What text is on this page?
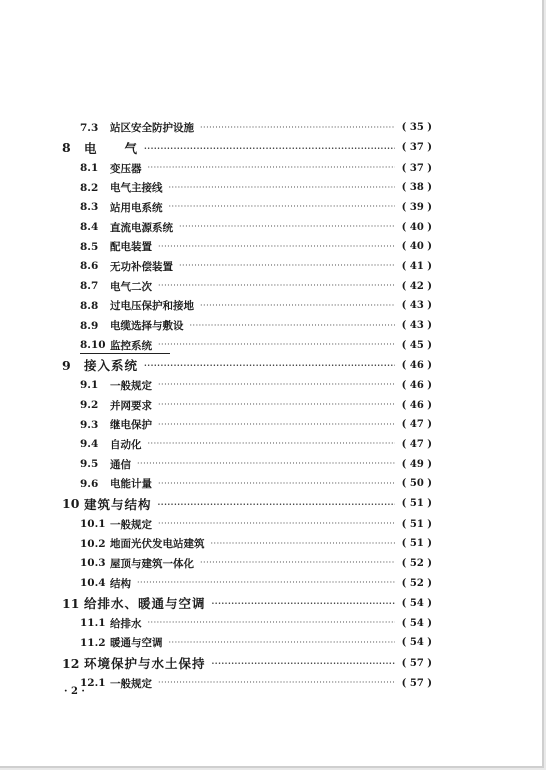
7.3	站区安全防护设施 ·····	( 35 )
8	电　　气 ·····	( 37 )
8.1	变压器 ·····	( 37 )
8.2	电气主接线 ·····	( 38 )
8.3	站用电系统 ·····	( 39 )
8.4	直流电源系统 ·····	( 40 )
8.5	配电装置 ·····	( 40 )
8.6	无功补偿装置 ·····	( 41 )
8.7	电气二次 ·····	( 42 )
8.8	过电压保护和接地 ·····	( 43 )
8.9	电缆选择与敷设 ·····	( 43 )
8.10 监控系统 ·····	( 45 )
9	接入系统 ·····	( 46 )
9.1	一般规定 ·····	( 46 )
9.2	并网要求 ·····	( 46 )
9.3	继电保护 ·····	( 47 )
9.4	自动化 ·····	( 47 )
9.5	通信 ·····	( 49 )
9.6	电能计量 ·····	( 50 )
10 建筑与结构 ·····	( 51 )
10.1 一般规定 ·····	( 51 )
10.2 地面光伏发电站建筑 ·····	( 51 )
10.3 屋顶与建筑一体化 ·····	( 52 )
10.4 结构 ·····	( 52 )
11 给排水、暖通与空调 ·····	( 54 )
11.1 给排水 ·····	( 54 )
11.2 暖通与空调 ·····	( 54 )
12 环境保护与水土保持 ·····	( 57 )
12.1 一般规定 ·····	( 57 )
· 2 ·
